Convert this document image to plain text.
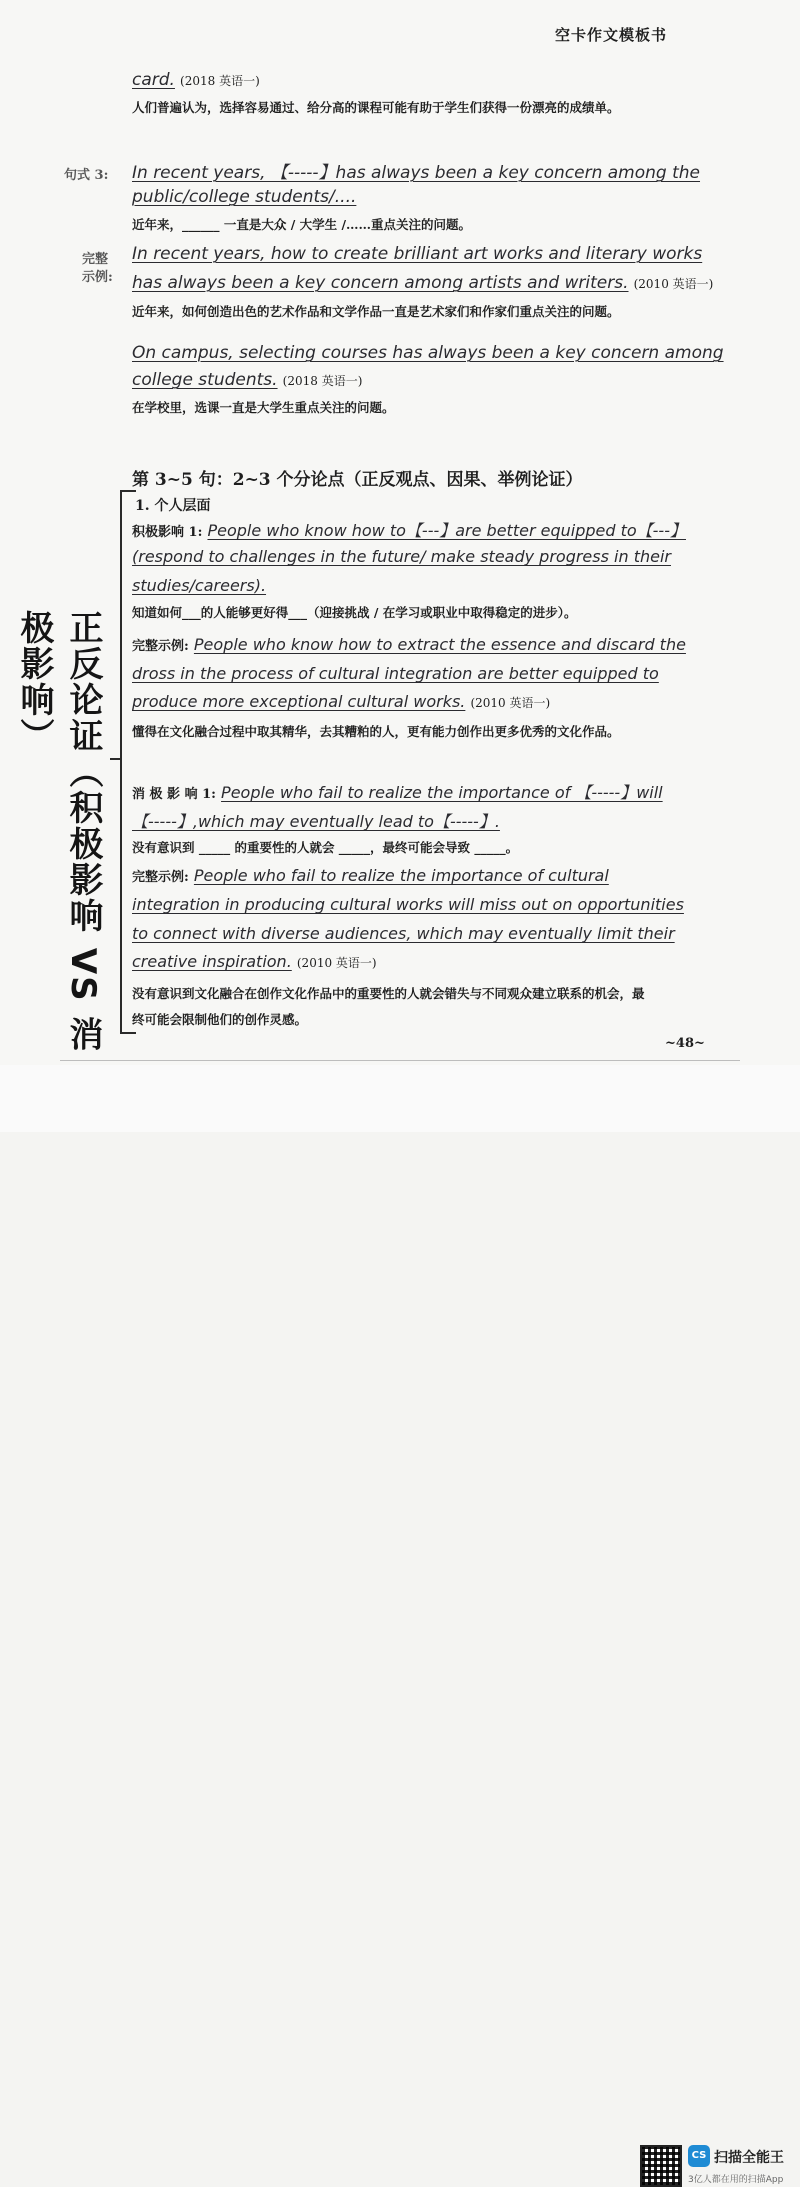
空卡作文模板书
card. (2018 英语一)
人们普遍认为，选择容易通过、给分高的课程可能有助于学生们获得一份漂亮的成绩单。
句式 3: In recent years, 【-----】has always been a key concern among the
public/college students/....
近年来，______ 一直是大众 / 大学生 /……重点关注的问题。
完整
示例:
In recent years, how to create brilliant art works and literary works
has always been a key concern among artists and writers. (2010 英语一)
近年来，如何创造出色的艺术作品和文学作品一直是艺术家们和作家们重点关注的问题。
On campus, selecting courses has always been a key concern among
college students. (2018 英语一)
在学校里，选课一直是大学生重点关注的问题。
第 3~5 句：2~3 个分论点（正反观点、因果、举例论证）
正反论证（积极影响 VS 消极影响）
1. 个人层面
积极影响 1: People who know how to【---】are better equipped to【---】
(respond to challenges in the future/ make steady progress in their
studies/careers).
知道如何___的人能够更好得___（迎接挑战 / 在学习或职业中取得稳定的进步）。
完整示例: People who know how to extract the essence and discard the
dross in the process of cultural integration are better equipped to
produce more exceptional cultural works. (2010 英语一)
懂得在文化融合过程中取其精华，去其糟粕的人，更有能力创作出更多优秀的文化作品。
消 极 影 响 1: People who fail to realize the importance of 【-----】will
【-----】,which may eventually lead to【-----】.
没有意识到 _____ 的重要性的人就会 _____，最终可能会导致 _____。
完整示例: People who fail to realize the importance of cultural
integration in producing cultural works will miss out on opportunities
to connect with diverse audiences, which may eventually limit their
creative inspiration. (2010 英语一)
没有意识到文化融合在创作文化作品中的重要性的人就会错失与不同观众建立联系的机会，最
终可能会限制他们的创作灵感。
~48~
CS 扫描全能王
3亿人都在用的扫描App
